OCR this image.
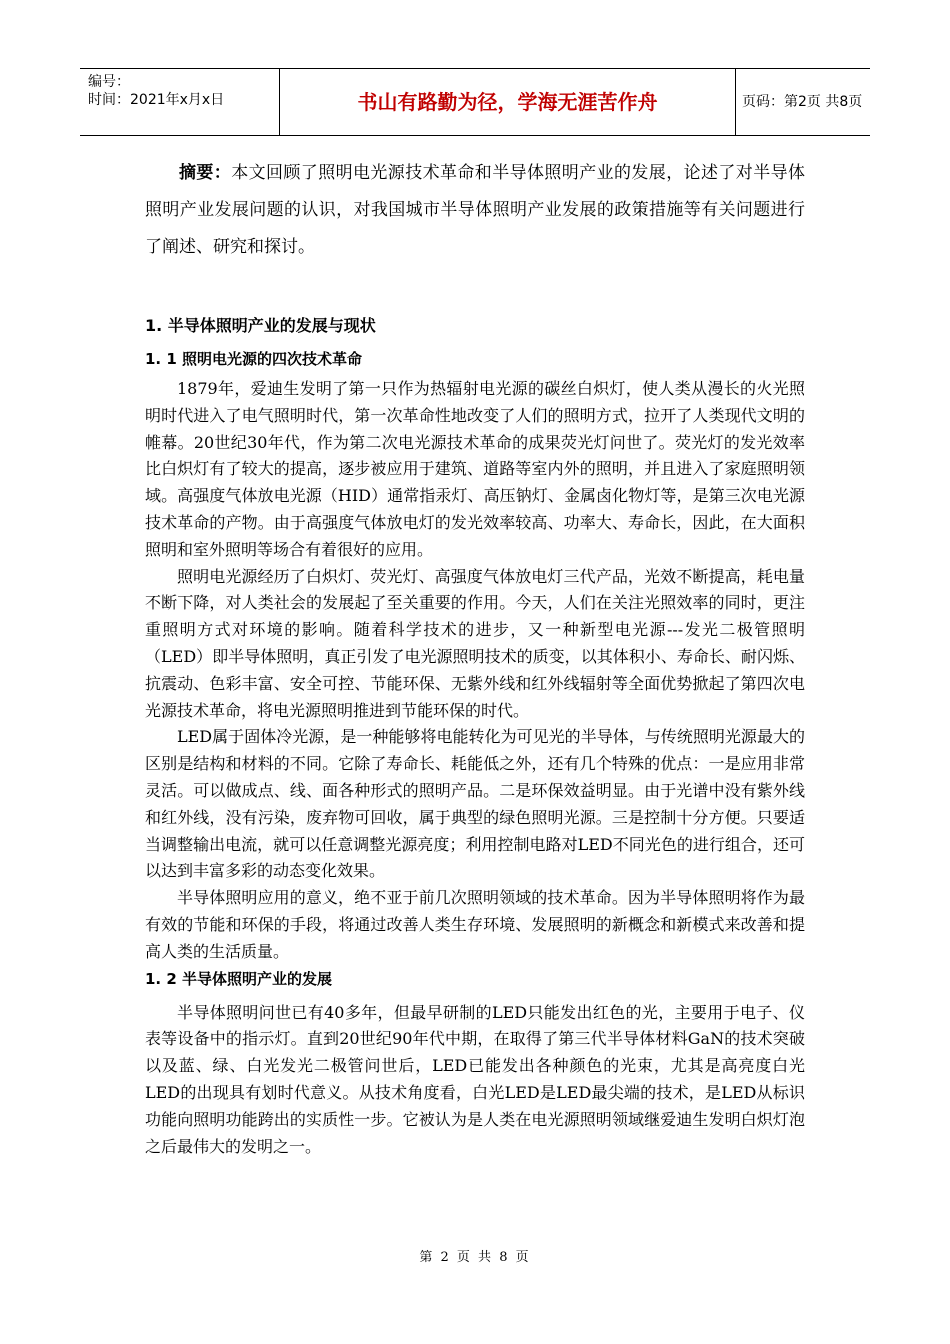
编号：
时间：2021年x月x日	书山有路勤为径，学海无涯苦作舟	页码：第2页 共8页

摘要：本文回顾了照明电光源技术革命和半导体照明产业的发展，论述了对半导体照明产业发展问题的认识，对我国城市半导体照明产业发展的政策措施等有关问题进行了阐述、研究和探讨。

1. 半导体照明产业的发展与现状
1. 1 照明电光源的四次技术革命

1879年，爱迪生发明了第一只作为热辐射电光源的碳丝白炽灯，使人类从漫长的火光照明时代进入了电气照明时代，第一次革命性地改变了人们的照明方式，拉开了人类现代文明的帷幕。20世纪30年代，作为第二次电光源技术革命的成果荧光灯问世了。荧光灯的发光效率比白炽灯有了较大的提高，逐步被应用于建筑、道路等室内外的照明，并且进入了家庭照明领域。高强度气体放电光源（HID）通常指汞灯、高压钠灯、金属卤化物灯等，是第三次电光源技术革命的产物。由于高强度气体放电灯的发光效率较高、功率大、寿命长，因此，在大面积照明和室外照明等场合有着很好的应用。

照明电光源经历了白炽灯、荧光灯、高强度气体放电灯三代产品，光效不断提高，耗电量不断下降，对人类社会的发展起了至关重要的作用。今天，人们在关注光照效率的同时，更注重照明方式对环境的影响。随着科学技术的进步，又一种新型电光源---发光二极管照明（LED）即半导体照明，真正引发了电光源照明技术的质变，以其体积小、寿命长、耐闪烁、抗震动、色彩丰富、安全可控、节能环保、无紫外线和红外线辐射等全面优势掀起了第四次电光源技术革命，将电光源照明推进到节能环保的时代。

LED属于固体冷光源，是一种能够将电能转化为可见光的半导体，与传统照明光源最大的区别是结构和材料的不同。它除了寿命长、耗能低之外，还有几个特殊的优点：一是应用非常灵活。可以做成点、线、面各种形式的照明产品。二是环保效益明显。由于光谱中没有紫外线和红外线，没有污染，废弃物可回收，属于典型的绿色照明光源。三是控制十分方便。只要适当调整输出电流，就可以任意调整光源亮度；利用控制电路对LED不同光色的进行组合，还可以达到丰富多彩的动态变化效果。

半导体照明应用的意义，绝不亚于前几次照明领域的技术革命。因为半导体照明将作为最有效的节能和环保的手段，将通过改善人类生存环境、发展照明的新概念和新模式来改善和提高人类的生活质量。

1. 2 半导体照明产业的发展

半导体照明问世已有40多年，但最早研制的LED只能发出红色的光，主要用于电子、仪表等设备中的指示灯。直到20世纪90年代中期，在取得了第三代半导体材料GaN的技术突破以及蓝、绿、白光发光二极管问世后，LED已能发出各种颜色的光束，尤其是高亮度白光LED的出现具有划时代意义。从技术角度看，白光LED是LED最尖端的技术，是LED从标识功能向照明功能跨出的实质性一步。它被认为是人类在电光源照明领域继爱迪生发明白炽灯泡之后最伟大的发明之一。

第 2 页 共 8 页
